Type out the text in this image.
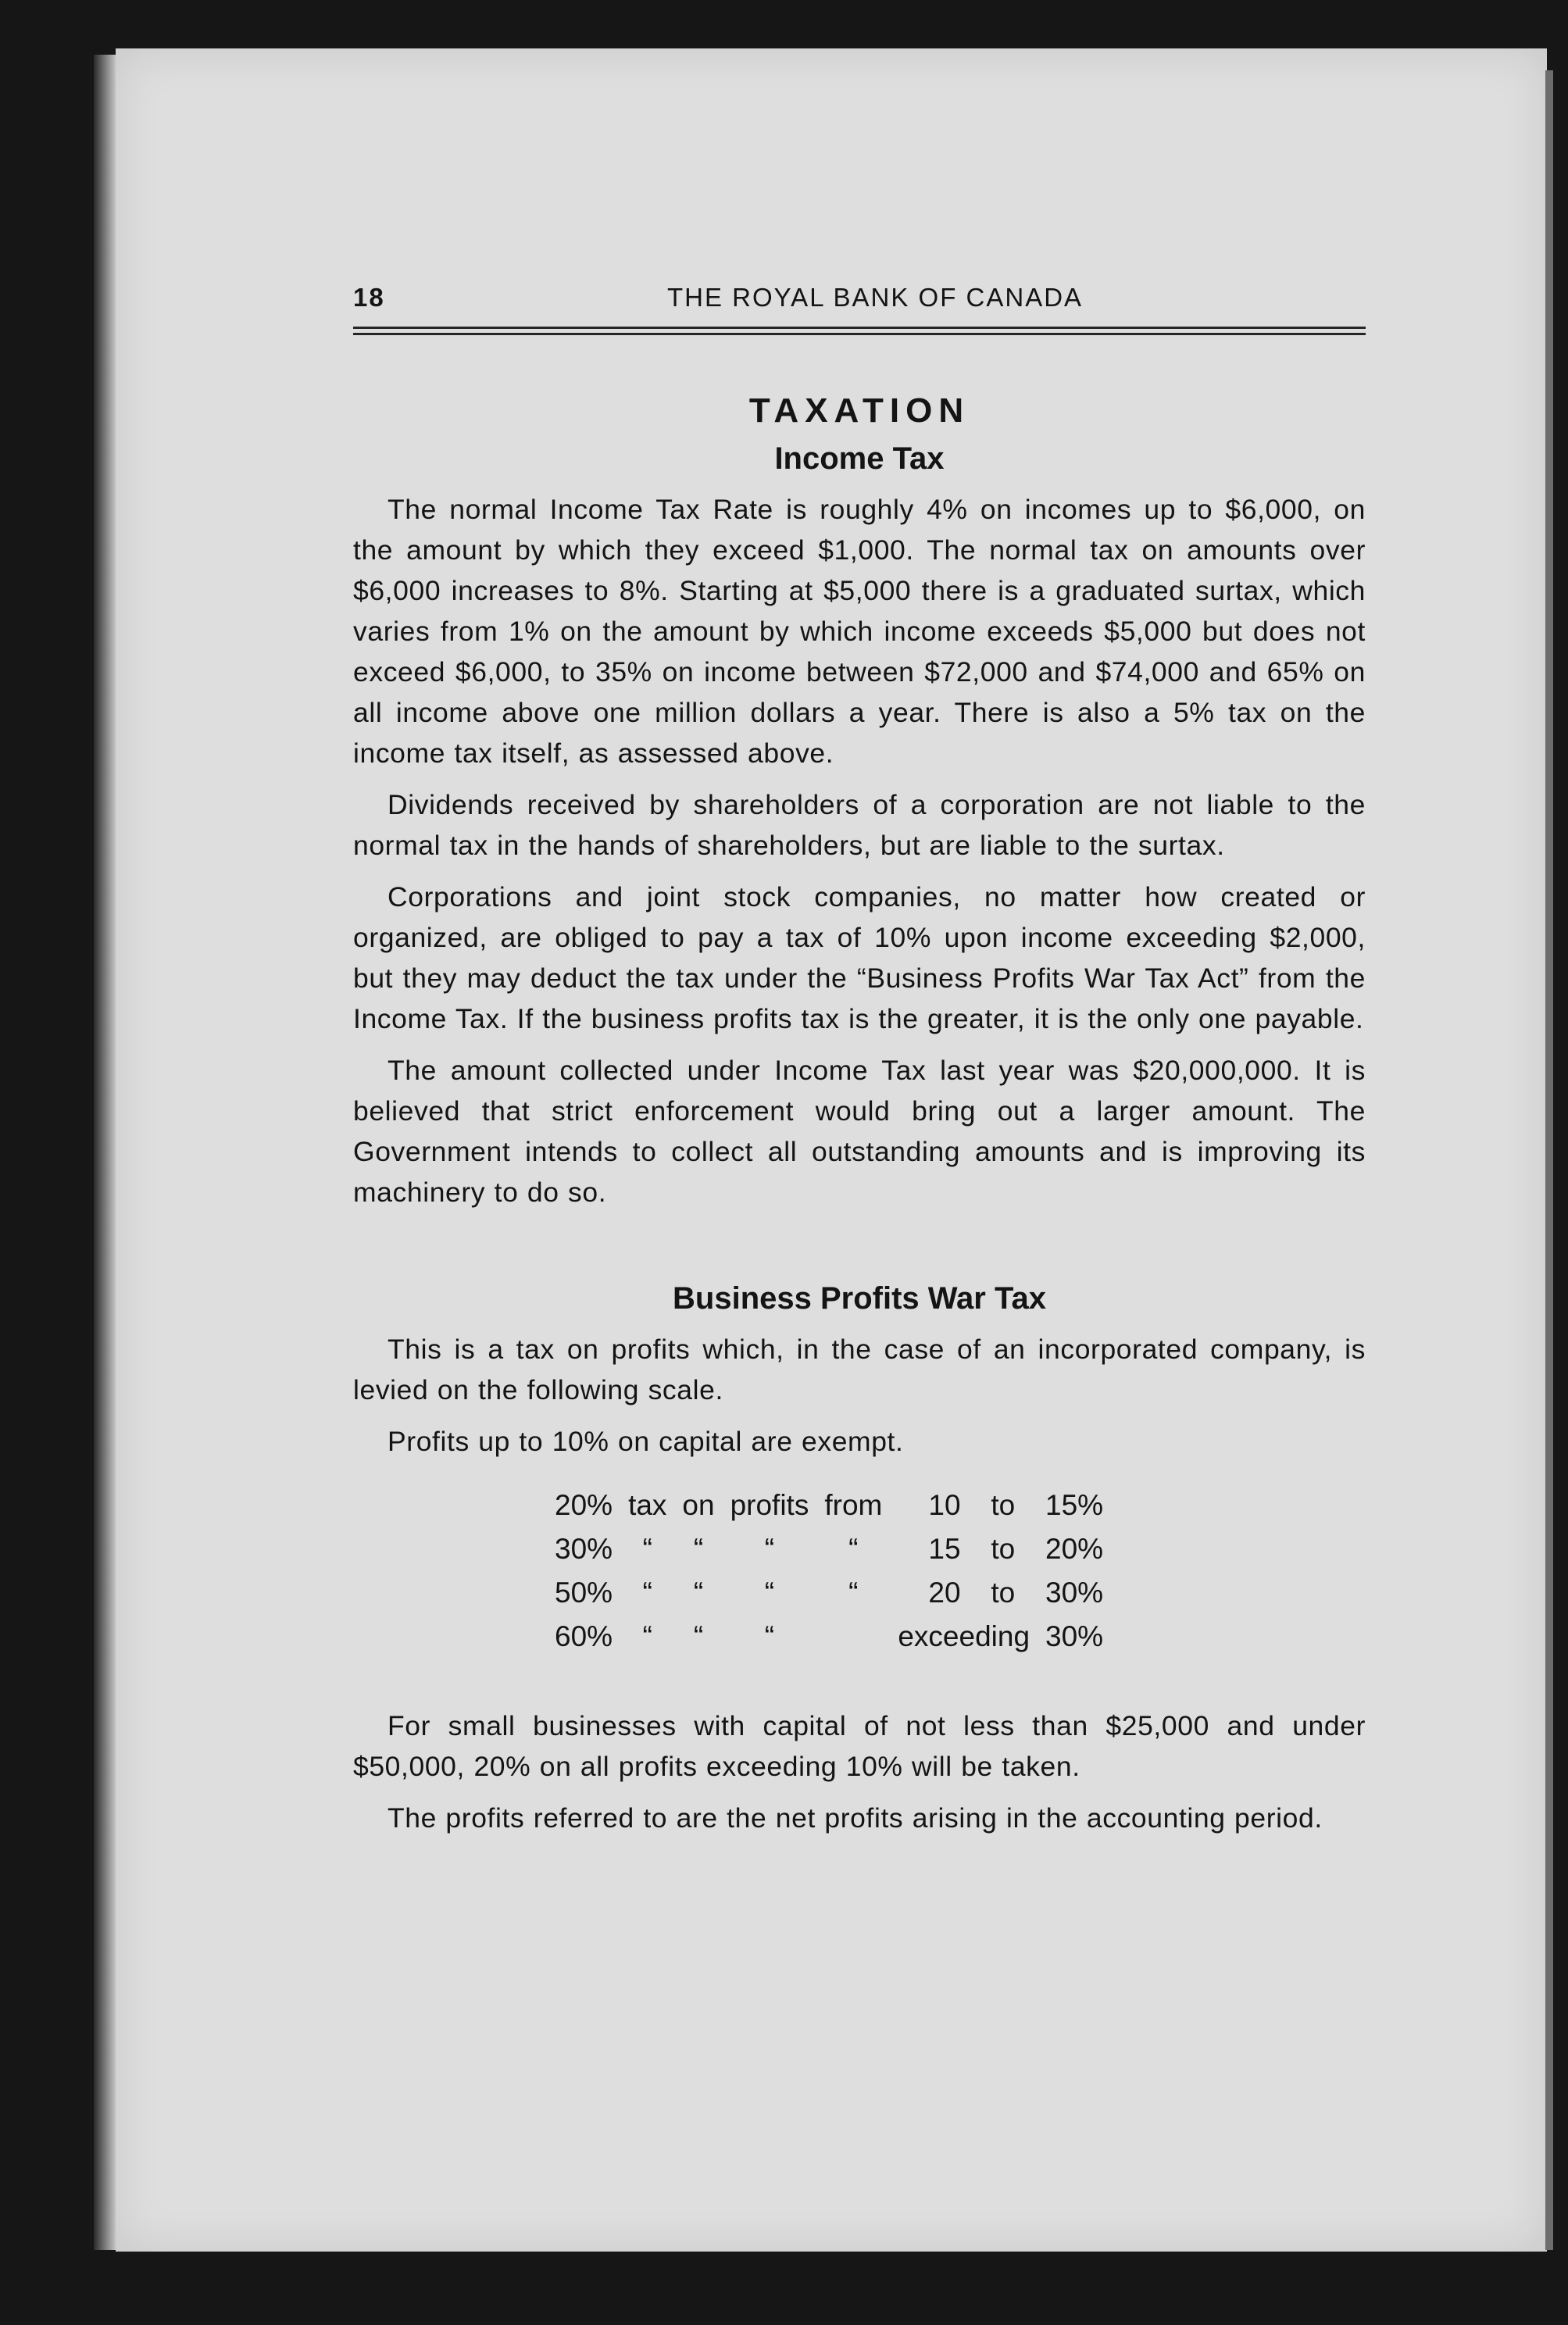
18	THE ROYAL BANK OF CANADA
TAXATION
Income Tax

The normal Income Tax Rate is roughly 4% on incomes up to $6,000, on the amount by which they exceed $1,000. The normal tax on amounts over $6,000 increases to 8%. Starting at $5,000 there is a graduated surtax, which varies from 1% on the amount by which income exceeds $5,000 but does not exceed $6,000, to 35% on income between $72,000 and $74,000 and 65% on all income above one million dollars a year. There is also a 5% tax on the income tax itself, as assessed above.

Dividends received by shareholders of a corporation are not liable to the normal tax in the hands of shareholders, but are liable to the surtax.

Corporations and joint stock companies, no matter how created or organized, are obliged to pay a tax of 10% upon income exceeding $2,000, but they may deduct the tax under the “Business Profits War Tax Act” from the Income Tax. If the business profits tax is the greater, it is the only one payable.

The amount collected under Income Tax last year was $20,000,000. It is believed that strict enforcement would bring out a larger amount. The Government intends to collect all outstanding amounts and is improving its machinery to do so.

Business Profits War Tax

This is a tax on profits which, in the case of an incorporated company, is levied on the following scale.

Profits up to 10% on capital are exempt.

20%	tax	on	profits	from	10	to	15%
30%	“	“	“	“	15	to	20%
50%	“	“	“	“	20	to	30%
60%	“	“	“		exceeding		30%

For small businesses with capital of not less than $25,000 and under $50,000, 20% on all profits exceeding 10% will be taken.

The profits referred to are the net profits arising in the accounting period.
